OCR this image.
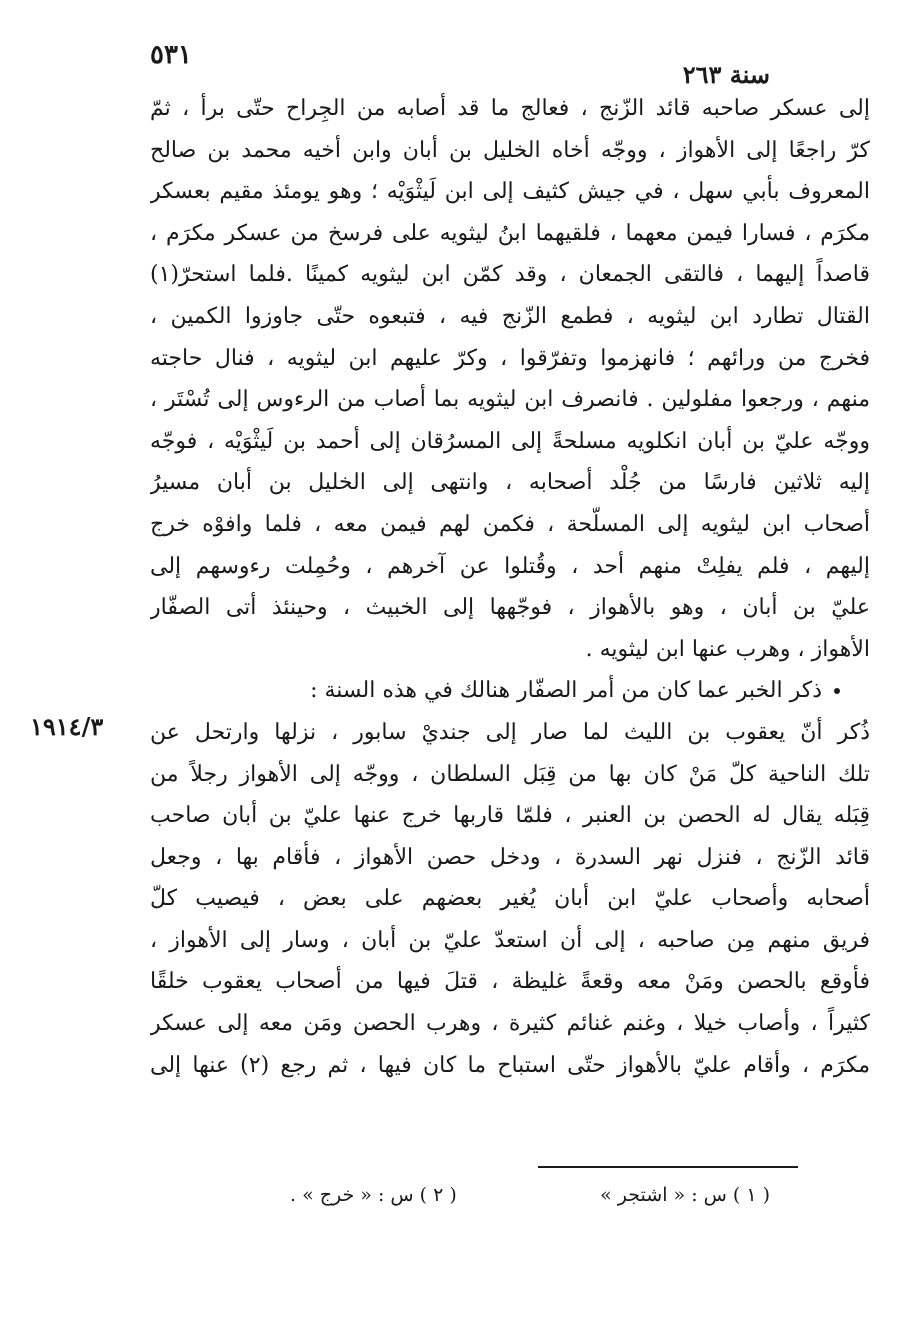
٥٣١
سنة ٢٦٣
١٩١٤/٣
إلى عسكر صاحبه قائد الزّنج ، فعالج ما قد أصابه من الجِراح حتّى برأ ، ثمّ
كرّ راجعًا إلى الأهواز ، ووجّه أخاه الخليل بن أبان وابن أخيه محمد بن صالح
المعروف بأبي سهل ، في جيش كثيف إلى ابن لَيثْوَيْه ؛ وهو يومئذ مقيم بعسكر
مكرَم ، فسارا فيمن معهما ، فلقيهما ابنُ ليثويه على فرسخ من عسكر مكرَم ،
قاصداً إليهما ، فالتقى الجمعان ، وقد كمّن ابن ليثويه كمينًا .فلما استحرّ(١)
القتال تطارد ابن ليثويه ، فطمع الزّنج فيه ، فتبعوه حتّى جاوزوا الكمين ،
فخرج من ورائهم ؛ فانهزموا وتفرّقوا ، وكرّ عليهم ابن ليثويه ، فنال حاجته
منهم ، ورجعوا مفلولين . فانصرف ابن ليثويه بما أصاب من الرءوس إلى تُسْتَر ،
ووجّه عليّ بن أبان انكلويه مسلحةً إلى المسرُقان إلى أحمد بن لَيثْوَيْه ، فوجّه
إليه ثلاثين فارسًا من جُلْد أصحابه ، وانتهى إلى الخليل بن أبان مسيرُ
أصحاب ابن ليثويه إلى المسلّحة ، فكمن لهم فيمن معه ، فلما وافوْه خرج
إليهم ، فلم يفلِتْ منهم أحد ، وقُتلوا عن آخرهم ، وحُمِلت رءوسهم إلى
عليّ بن أبان ، وهو بالأهواز ، فوجّهها إلى الخبيث ، وحينئذ أتى الصفّار
الأهواز ، وهرب عنها ابن ليثويه .
ذكر الخبر عما كان من أمر الصفّار هنالك في هذه السنة :
ذُكر أنّ يعقوب بن الليث لما صار إلى جنديْ سابور ، نزلها وارتحل عن
تلك الناحية كلّ مَنْ كان بها من قِبَل السلطان ، ووجّه إلى الأهواز رجلاً من
قِبَله يقال له الحصن بن العنبر ، فلمّا قاربها خرج عنها عليّ بن أبان صاحب
قائد الزّنج ، فنزل نهر السدرة ، ودخل حصن الأهواز ، فأقام بها ، وجعل
أصحابه وأصحاب عليّ ابن أبان يُغير بعضهم على بعض ، فيصيب كلّ
فريق منهم مِن صاحبه ، إلى أن استعدّ عليّ بن أبان ، وسار إلى الأهواز ،
فأوقع بالحصن ومَنْ معه وقعةً غليظة ، قتلَ فيها من أصحاب يعقوب خلقًا
كثيراً ، وأصاب خيلا ، وغنم غنائم كثيرة ، وهرب الحصن ومَن معه إلى عسكر
مكرَم ، وأقام عليّ بالأهواز حتّى استباح ما كان فيها ، ثم رجع (٢) عنها إلى
( ١ ) س : « اشتجر »
( ٢ ) س : « خرج » .
